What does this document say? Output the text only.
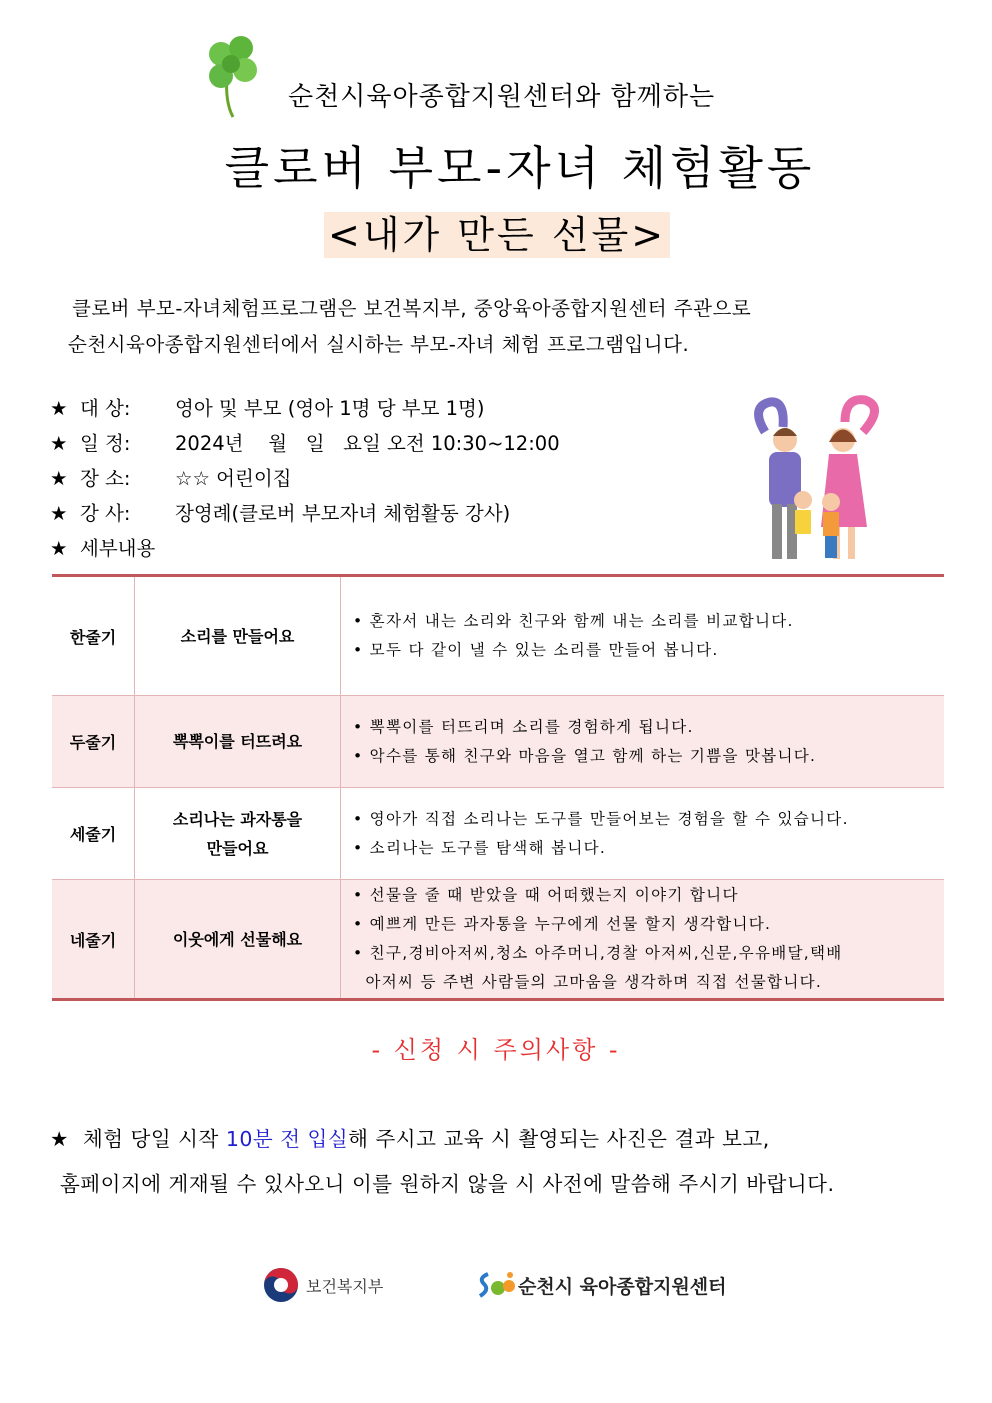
순천시육아종합지원센터와 함께하는
클로버 부모-자녀 체험활동
<내가 만든 선물>
클로버 부모-자녀체험프로그램은 보건복지부, 중앙육아종합지원센터 주관으로
순천시육아종합지원센터에서 실시하는 부모-자녀 체험 프로그램입니다.
★ 대 상: 영아 및 부모 (영아 1명 당 부모 1명)
★ 일 정: 2024년    월   일   요일 오전 10:30~12:00
★ 장 소: ☆☆ 어린이집
★ 강 사: 장영례(클로버 부모자녀 체험활동 강사)
★ 세부내용
한줄기	소리를 만들어요	• 혼자서 내는 소리와 친구와 함께 내는 소리를 비교합니다.
• 모두 다 같이 낼 수 있는 소리를 만들어 봅니다.

두줄기	뽁뽁이를 터뜨려요	• 뽁뽁이를 터뜨리며 소리를 경험하게 됩니다.
• 악수를 통해 친구와 마음을 열고 함께 하는 기쁨을 맛봅니다.

세줄기	소리나는 과자통을 만들어요	• 영아가 직접 소리나는 도구를 만들어보는 경험을 할 수 있습니다.
• 소리나는 도구를 탐색해 봅니다.

네줄기	이웃에게 선물해요	• 선물을 줄 때 받았을 때 어떠했는지 이야기 합니다
• 예쁘게 만든 과자통을 누구에게 선물 할지 생각합니다.
• 친구,경비아저씨,청소 아주머니,경찰 아저씨,신문,우유배달,택배
아저씨 등 주변 사람들의 고마움을 생각하며 직접 선물합니다.
- 신청 시 주의사항 -
★ 체험 당일 시작 10분 전 입실해 주시고 교육 시 촬영되는 사진은 결과 보고,
홈페이지에 게재될 수 있사오니 이를 원하지 않을 시 사전에 말씀해 주시기 바랍니다.
보건복지부	순천시 육아종합지원센터
